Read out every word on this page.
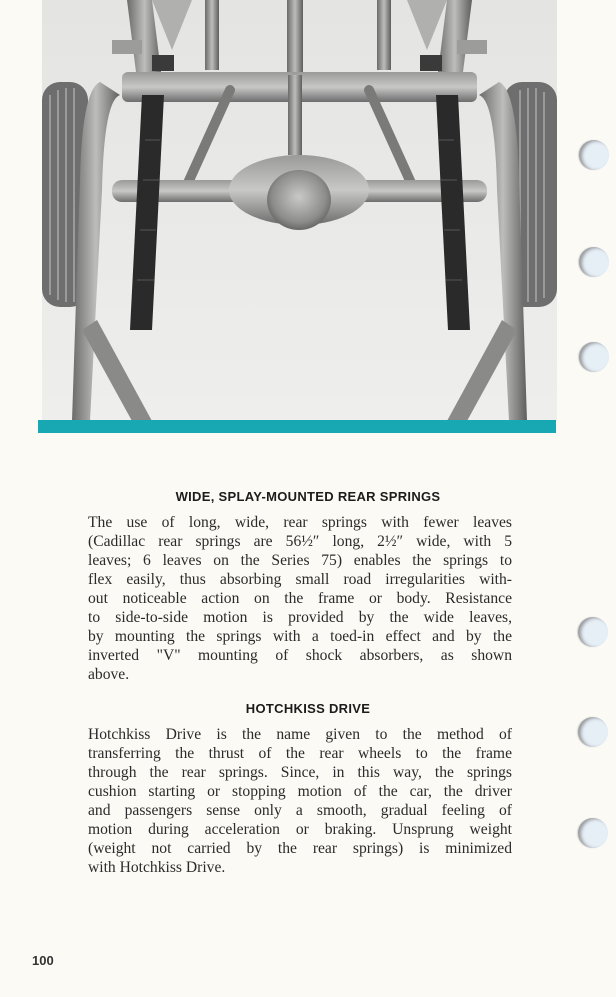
WIDE, SPLAY-MOUNTED REAR SPRINGS

The use of long, wide, rear springs with fewer leaves
(Cadillac rear springs are 56½″ long, 2½″ wide, with 5
leaves; 6 leaves on the Series 75) enables the springs to
flex easily, thus absorbing small road irregularities with-
out noticeable action on the frame or body. Resistance
to side-to-side motion is provided by the wide leaves,
by mounting the springs with a toed-in effect and by the
inverted "V" mounting of shock absorbers, as shown
above.

HOTCHKISS DRIVE

Hotchkiss Drive is the name given to the method of
transferring the thrust of the rear wheels to the frame
through the rear springs. Since, in this way, the springs
cushion starting or stopping motion of the car, the driver
and passengers sense only a smooth, gradual feeling of
motion during acceleration or braking. Unsprung weight
(weight not carried by the rear springs) is minimized
with Hotchkiss Drive.

100
